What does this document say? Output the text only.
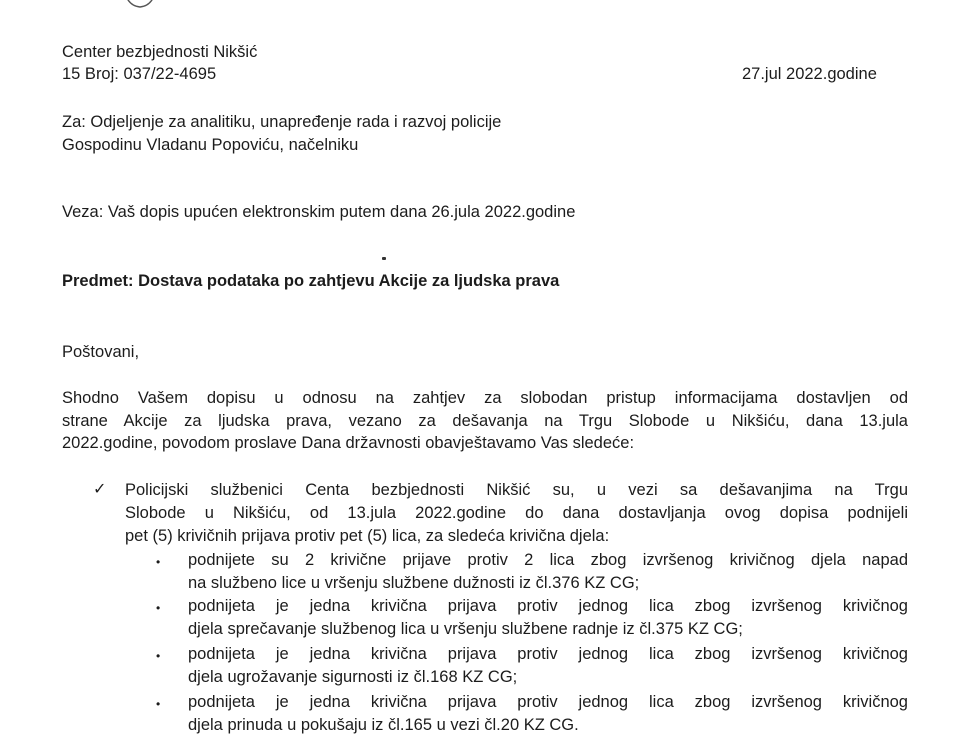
Center bezbjednosti Nikšić
15 Broj: 037/22-4695	27.jul 2022.godine
Za: Odjeljenje za analitiku, unapređenje rada i razvoj policije
Gospodinu Vladanu Popoviću, načelniku
Veza: Vaš dopis upućen elektronskim putem dana 26.jula 2022.godine
Predmet: Dostava podataka po zahtjevu Akcije za ljudska prava
Poštovani,
Shodno Vašem dopisu u odnosu na zahtjev za slobodan pristup informacijama dostavljen od
strane Akcije za ljudska prava, vezano za dešavanja na Trgu Slobode u Nikšiću, dana 13.jula
2022.godine, povodom proslave Dana državnosti obavještavamo Vas sledeće:
✓ Policijski službenici Centa bezbjednosti Nikšić su, u vezi sa dešavanjima na Trgu
Slobode u Nikšiću, od 13.jula 2022.godine do dana dostavljanja ovog dopisa podnijeli
pet (5) krivičnih prijava protiv pet (5) lica, za sledeća krivična djela:
• podnijete su 2 krivične prijave protiv 2 lica zbog izvršenog krivičnog djela napad
na službeno lice u vršenju službene dužnosti iz čl.376 KZ CG;
• podnijeta je jedna krivična prijava protiv jednog lica zbog izvršenog krivičnog
djela sprečavanje službenog lica u vršenju službene radnje iz čl.375 KZ CG;
• podnijeta je jedna krivična prijava protiv jednog lica zbog izvršenog krivičnog
djela ugrožavanje sigurnosti iz čl.168 KZ CG;
• podnijeta je jedna krivična prijava protiv jednog lica zbog izvršenog krivičnog
djela prinuda u pokušaju iz čl.165 u vezi čl.20 KZ CG.
